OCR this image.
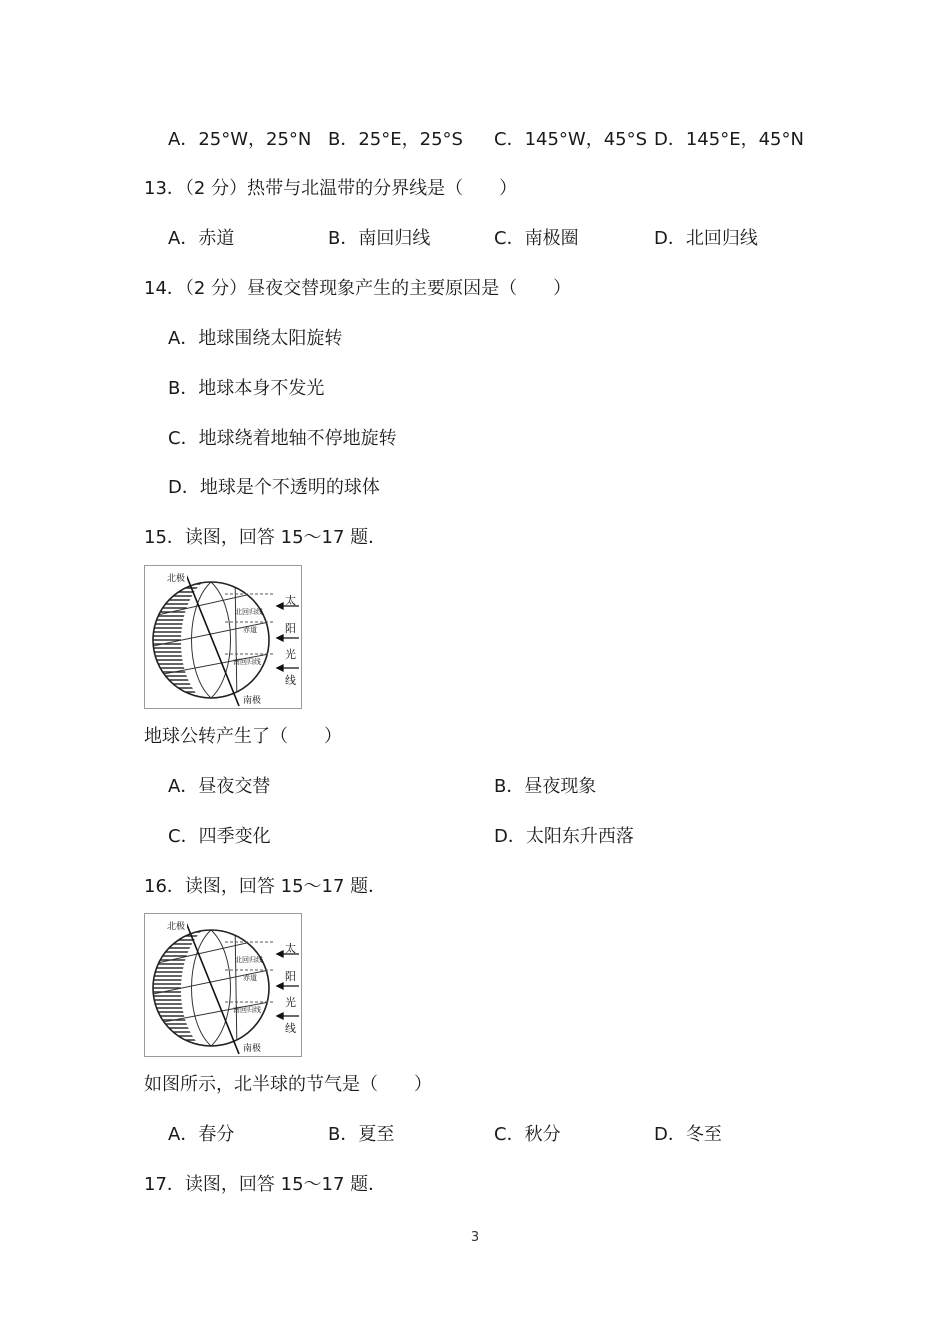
A．25°W，25°N B．25°E，25°S C．145°W，45°S D．145°E，45°N
13．（2 分）热带与北温带的分界线是（　　）
A．赤道	B．南回归线	C．南极圈	D．北回归线
14．（2 分）昼夜交替现象产生的主要原因是（　　）
A．地球围绕太阳旋转
B．地球本身不发光
C．地球绕着地轴不停地旋转
D．地球是个不透明的球体
15．读图，回答 15～17 题．
北极
北回归线
赤道
南回归线
南极
太
阳
光
线
地球公转产生了（　　）
A．昼夜交替	B．昼夜现象
C．四季变化	D．太阳东升西落
16．读图，回答 15～17 题．
北极
北回归线
赤道
南回归线
南极
太
阳
光
线
如图所示，北半球的节气是（　　）
A．春分	B．夏至	C．秋分	D．冬至
17．读图，回答 15～17 题．
3
